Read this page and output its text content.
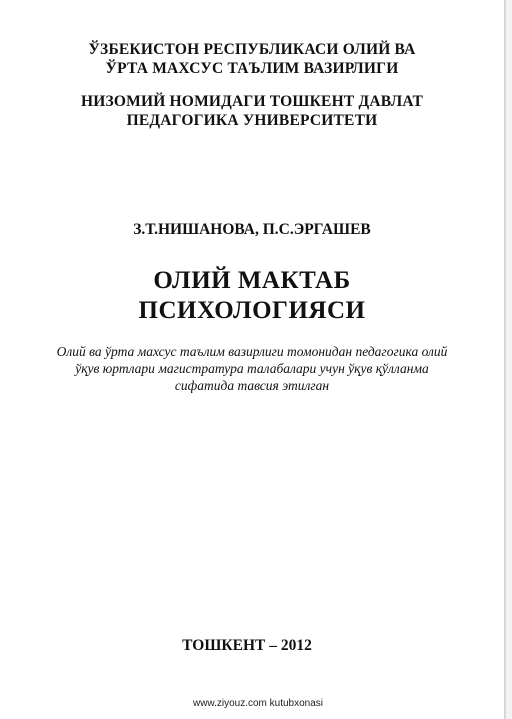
ЎЗБЕКИСТОН РЕСПУБЛИКАСИ ОЛИЙ ВА
ЎРТА МАХСУС ТАЪЛИМ ВАЗИРЛИГИ
НИЗОМИЙ НОМИДАГИ ТОШКЕНТ ДАВЛАТ
ПЕДАГОГИКА УНИВЕРСИТЕТИ
З.Т.НИШАНОВА, П.С.ЭРГАШЕВ
ОЛИЙ МАКТАБ
ПСИХОЛОГИЯСИ
Олий ва ўрта махсус таълим вазирлиги томонидан педагогика олий
ўқув юртлари магистратура талабалари учун ўқув қўлланма
сифатида тавсия этилган
ТОШКЕНТ – 2012
www.ziyouz.com kutubxonasi
